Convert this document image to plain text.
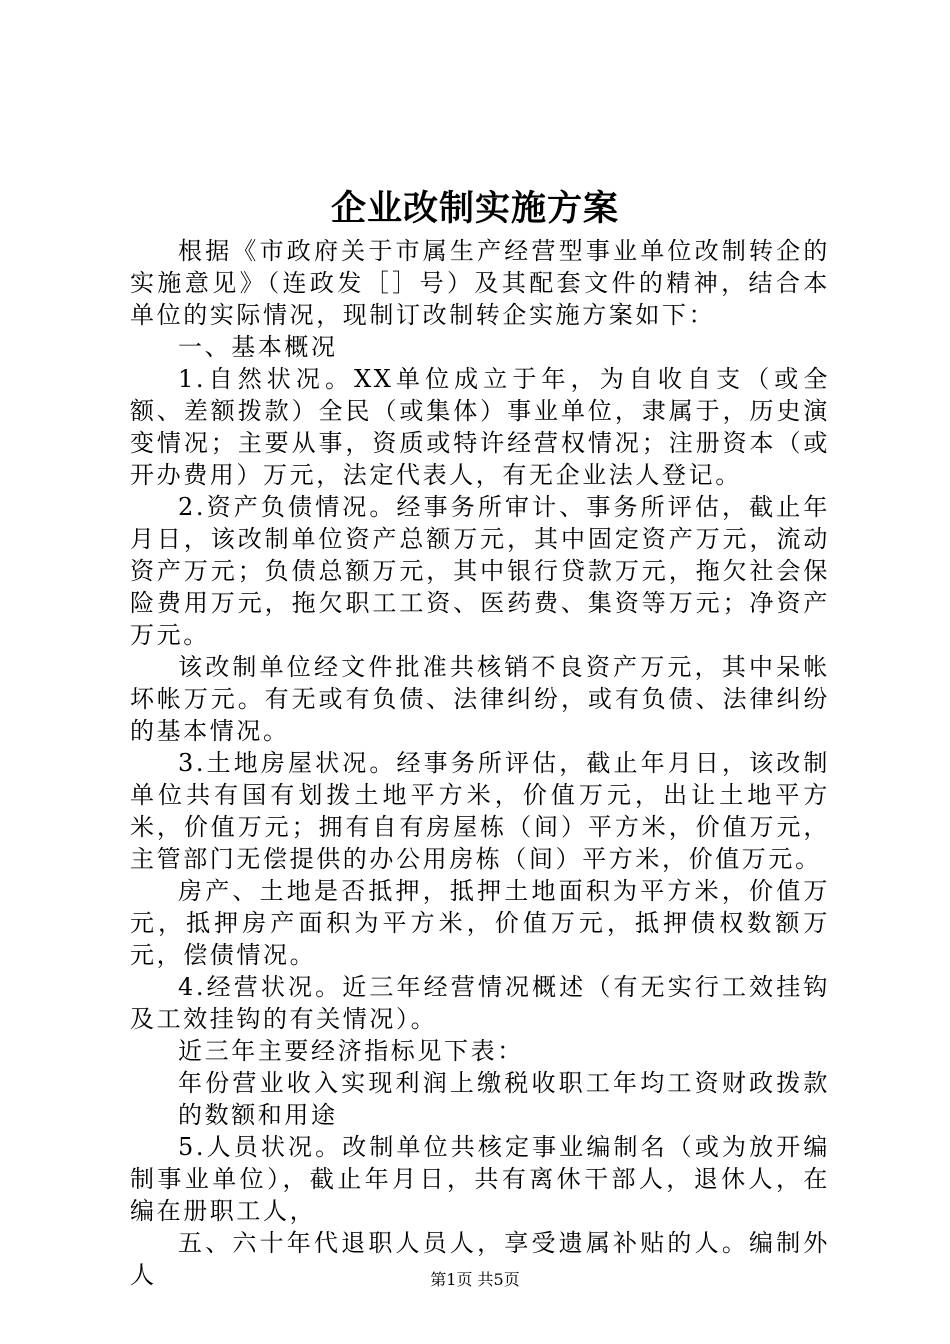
企业改制实施方案

根据《市政府关于市属生产经营型事业单位改制转企的实施意见》（连政发［］号）及其配套文件的精神，结合本单位的实际情况，现制订改制转企实施方案如下：

一、基本概况

1.自然状况。XX单位成立于年，为自收自支（或全额、差额拨款）全民（或集体）事业单位，隶属于，历史演变情况；主要从事，资质或特许经营权情况；注册资本（或开办费用）万元，法定代表人，有无企业法人登记。

2.资产负债情况。经事务所审计、事务所评估，截止年月日，该改制单位资产总额万元，其中固定资产万元，流动资产万元；负债总额万元，其中银行贷款万元，拖欠社会保险费用万元，拖欠职工工资、医药费、集资等万元；净资产万元。

该改制单位经文件批准共核销不良资产万元，其中呆帐坏帐万元。有无或有负债、法律纠纷，或有负债、法律纠纷的基本情况。

3.土地房屋状况。经事务所评估，截止年月日，该改制单位共有国有划拨土地平方米，价值万元，出让土地平方米，价值万元；拥有自有房屋栋（间）平方米，价值万元，主管部门无偿提供的办公用房栋（间）平方米，价值万元。

房产、土地是否抵押，抵押土地面积为平方米，价值万元，抵押房产面积为平方米，价值万元，抵押债权数额万元，偿债情况。

4.经营状况。近三年经营情况概述（有无实行工效挂钩及工效挂钩的有关情况）。

近三年主要经济指标见下表：

年份营业收入实现利润上缴税收职工年均工资财政拨款的数额和用途

5.人员状况。改制单位共核定事业编制名（或为放开编制事业单位），截止年月日，共有离休干部人，退休人，在编在册职工人，

五、六十年代退职人员人，享受遗属补贴的人。编制外人	第1页 共5页
